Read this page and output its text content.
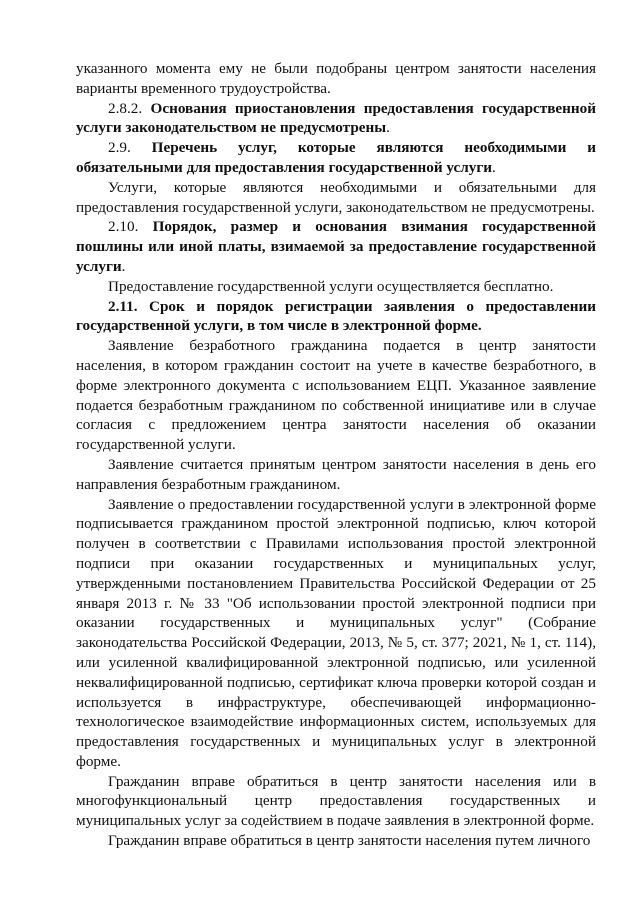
указанного момента ему не были подобраны центром занятости населения варианты временного трудоустройства.

2.8.2. Основания приостановления предоставления государственной услуги законодательством не предусмотрены.

2.9. Перечень услуг, которые являются необходимыми и обязательными для предоставления государственной услуги.

Услуги, которые являются необходимыми и обязательными для предоставления государственной услуги, законодательством не предусмотрены.

2.10. Порядок, размер и основания взимания государственной пошлины или иной платы, взимаемой за предоставление государственной услуги.

Предоставление государственной услуги осуществляется бесплатно.

2.11. Срок и порядок регистрации заявления о предоставлении государственной услуги, в том числе в электронной форме.

Заявление безработного гражданина подается в центр занятости населения, в котором гражданин состоит на учете в качестве безработного, в форме электронного документа с использованием ЕЦП. Указанное заявление подается безработным гражданином по собственной инициативе или в случае согласия с предложением центра занятости населения об оказании государственной услуги.

Заявление считается принятым центром занятости населения в день его направления безработным гражданином.

Заявление о предоставлении государственной услуги в электронной форме подписывается гражданином простой электронной подписью, ключ которой получен в соответствии с Правилами использования простой электронной подписи при оказании государственных и муниципальных услуг, утвержденными постановлением Правительства Российской Федерации от 25 января 2013 г. № 33 "Об использовании простой электронной подписи при оказании государственных и муниципальных услуг" (Собрание законодательства Российской Федерации, 2013, № 5, ст. 377; 2021, № 1, ст. 114), или усиленной квалифицированной электронной подписью, или усиленной неквалифицированной подписью, сертификат ключа проверки которой создан и используется в инфраструктуре, обеспечивающей информационно-технологическое взаимодействие информационных систем, используемых для предоставления государственных и муниципальных услуг в электронной форме.

Гражданин вправе обратиться в центр занятости населения или в многофункциональный центр предоставления государственных и муниципальных услуг за содействием в подаче заявления в электронной форме.

Гражданин вправе обратиться в центр занятости населения путем личного
